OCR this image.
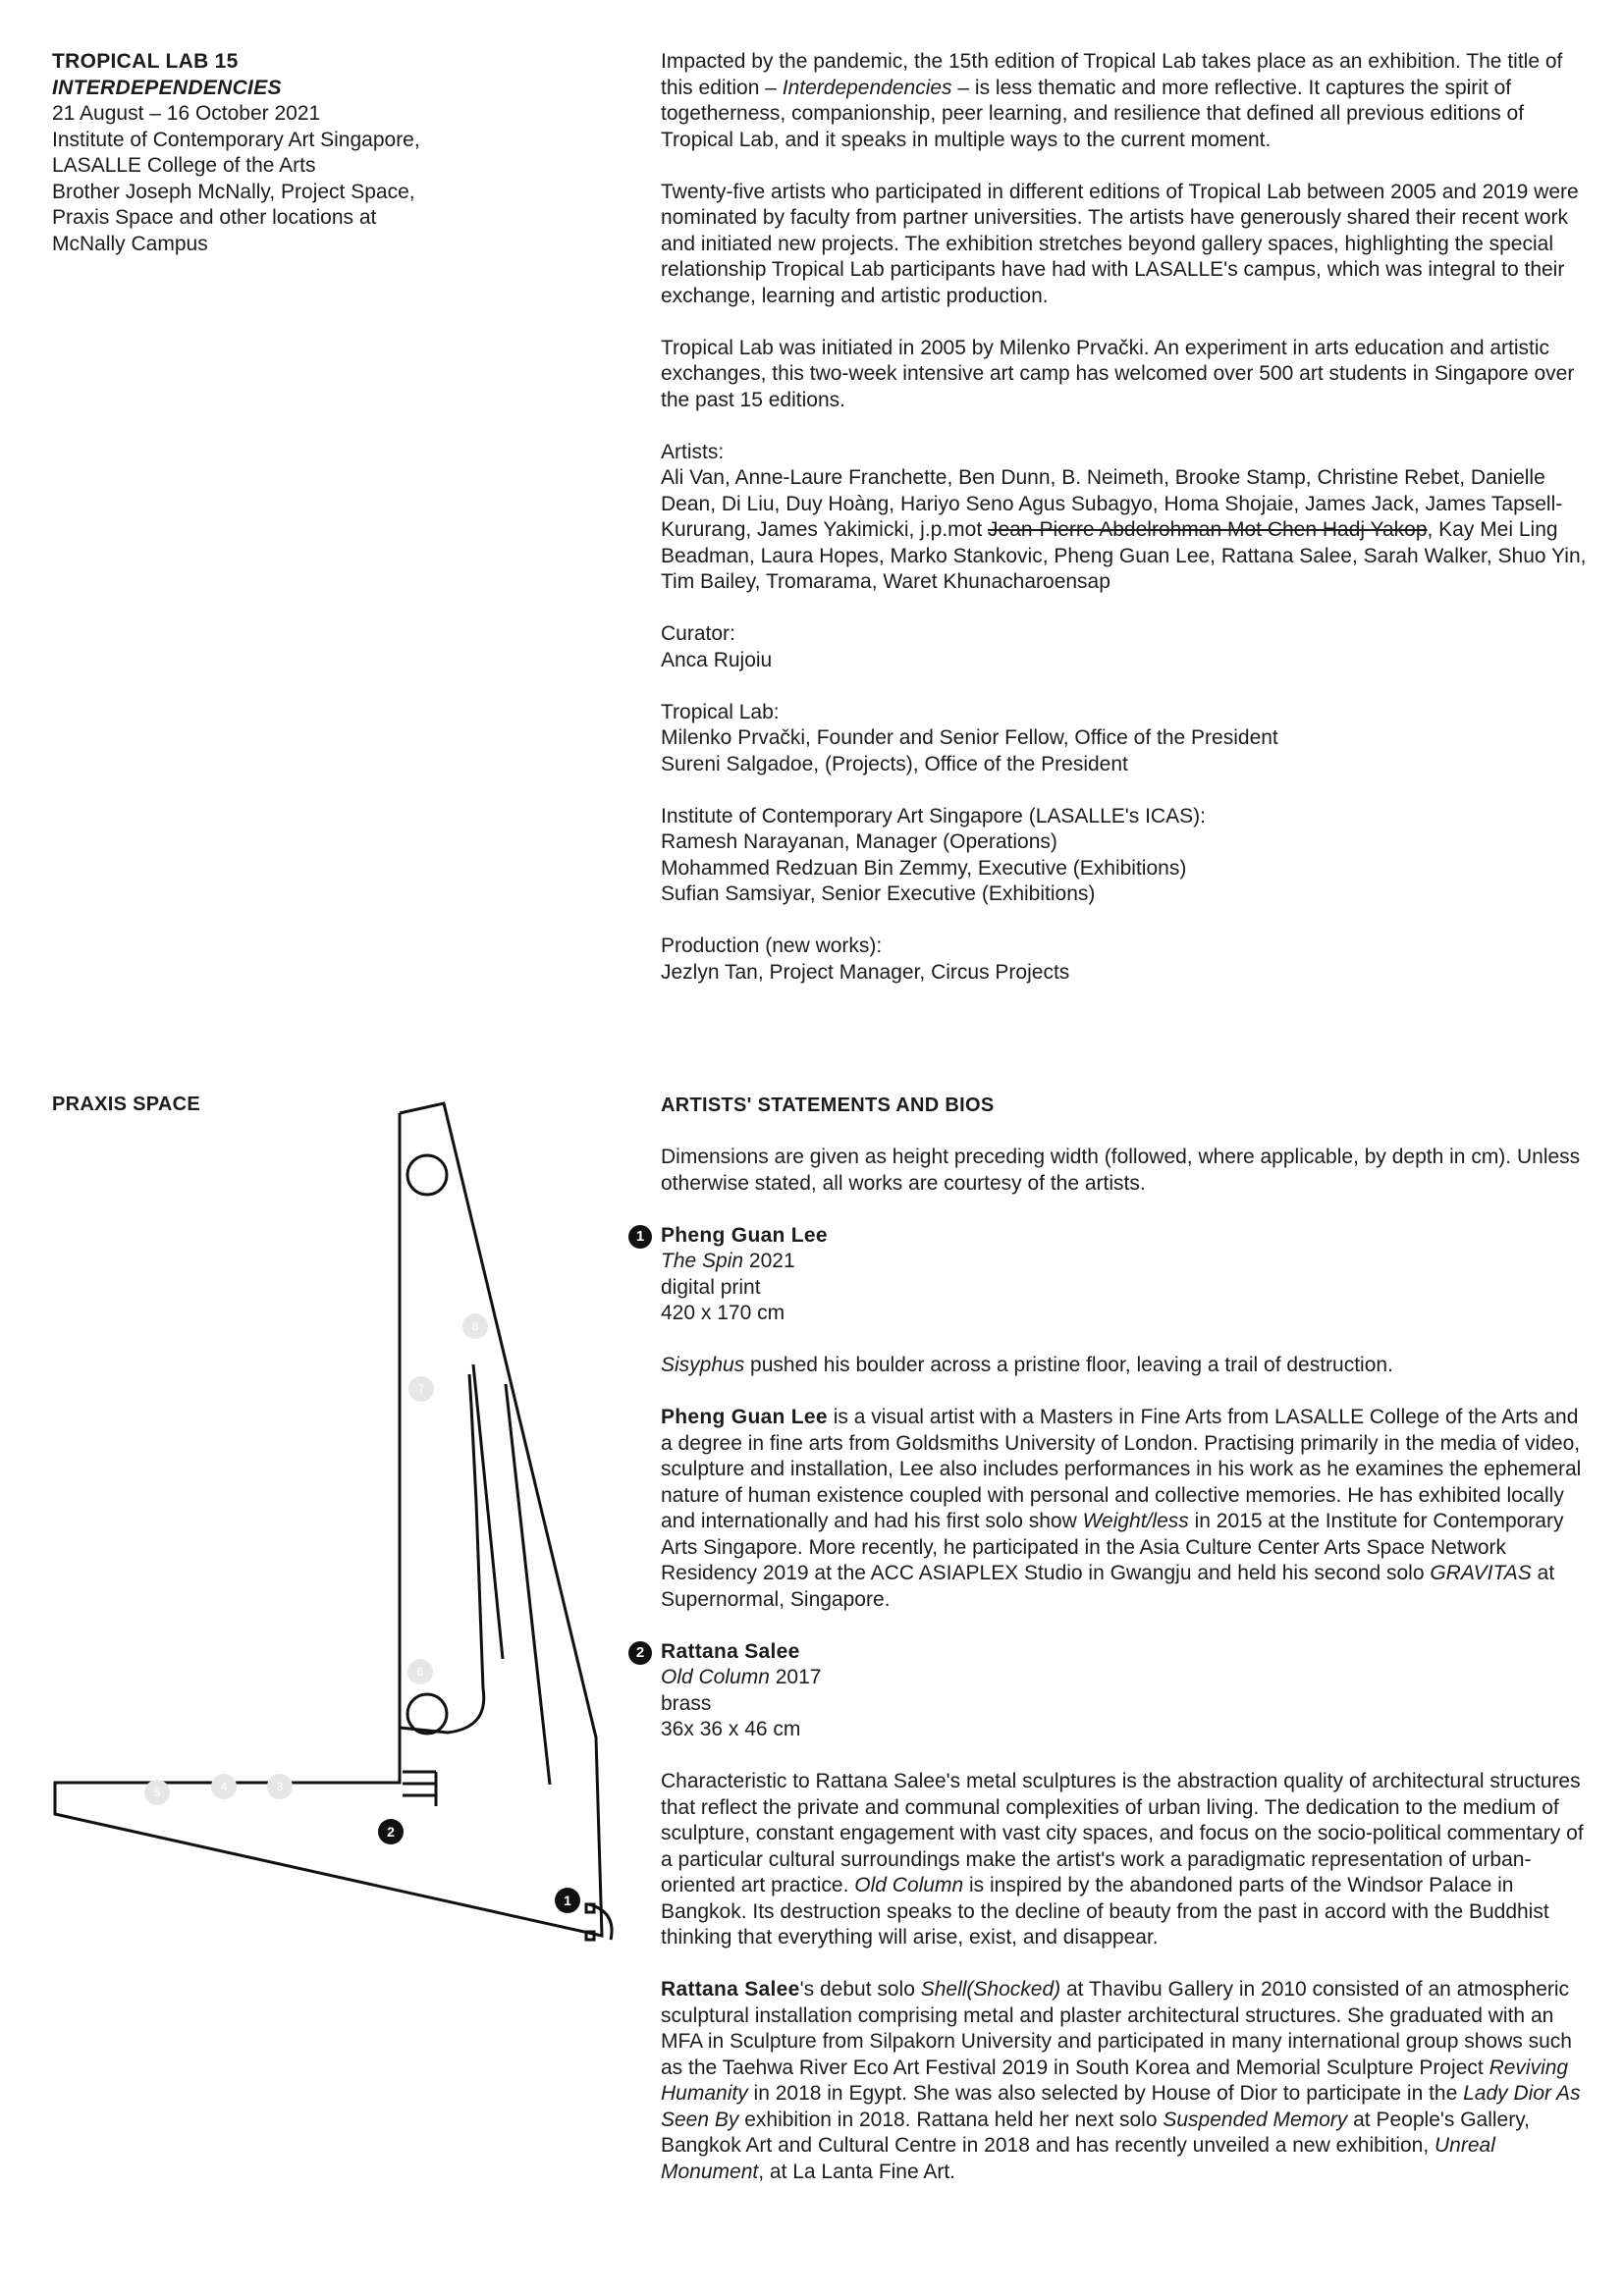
TROPICAL LAB 15

INTERDEPENDENCIES

21 August – 16 October 2021

Institute of Contemporary Art Singapore,

LASALLE College of the Arts

Brother Joseph McNally, Project Space,

Praxis Space and other locations at

McNally Campus

Impacted by the pandemic, the 15th edition of Tropical Lab takes place as an exhibition. The title of this edition – Interdependencies – is less thematic and more reflective. It captures the spirit of togetherness, companionship, peer learning, and resilience that defined all previous editions of Tropical Lab, and it speaks in multiple ways to the current moment.

Twenty-five artists who participated in different editions of Tropical Lab between 2005 and 2019 were nominated by faculty from partner universities. The artists have generously shared their recent work and initiated new projects. The exhibition stretches beyond gallery spaces, highlighting the special relationship Tropical Lab participants have had with LASALLE's campus, which was integral to their exchange, learning and artistic production.

Tropical Lab was initiated in 2005 by Milenko Prvački. An experiment in arts education and artistic exchanges, this two-week intensive art camp has welcomed over 500 art students in Singapore over the past 15 editions.

Artists:

Ali Van, Anne-Laure Franchette, Ben Dunn, B. Neimeth, Brooke Stamp, Christine Rebet, Danielle Dean, Di Liu, Duy Hoàng, Hariyo Seno Agus Subagyo, Homa Shojaie, James Jack, James Tapsell-Kururang, James Yakimicki, j.p.mot Jean-Pierre Abdelrohman Mot Chen Hadj Yakop, Kay Mei Ling Beadman, Laura Hopes, Marko Stankovic, Pheng Guan Lee, Rattana Salee, Sarah Walker, Shuo Yin, Tim Bailey, Tromarama, Waret Khunacharoensap

Curator:

Anca Rujoiu

Tropical Lab:

Milenko Prvački, Founder and Senior Fellow, Office of the President

Sureni Salgadoe, (Projects), Office of the President

Institute of Contemporary Art Singapore (LASALLE's ICAS):

Ramesh Narayanan, Manager (Operations)

Mohammed Redzuan Bin Zemmy, Executive (Exhibitions)

Sufian Samsiyar, Senior Executive (Exhibitions)

Production (new works):

Jezlyn Tan, Project Manager, Circus Projects

PRAXIS SPACE
8
7
6
5	4	3
2
1

ARTISTS' STATEMENTS AND BIOS

Dimensions are given as height preceding width (followed, where applicable, by depth in cm). Unless otherwise stated, all works are courtesy of the artists.

1 Pheng Guan Lee

The Spin 2021

digital print

420 x 170 cm

Sisyphus pushed his boulder across a pristine floor, leaving a trail of destruction.

Pheng Guan Lee is a visual artist with a Masters in Fine Arts from LASALLE College of the Arts and a degree in fine arts from Goldsmiths University of London. Practising primarily in the media of video, sculpture and installation, Lee also includes performances in his work as he examines the ephemeral nature of human existence coupled with personal and collective memories. He has exhibited locally and internationally and had his first solo show Weight/less in 2015 at the Institute for Contemporary Arts Singapore. More recently, he participated in the Asia Culture Center Arts Space Network Residency 2019 at the ACC ASIAPLEX Studio in Gwangju and held his second solo GRAVITAS at Supernormal, Singapore.

2 Rattana Salee

Old Column 2017

brass

36x 36 x 46 cm

Characteristic to Rattana Salee's metal sculptures is the abstraction quality of architectural structures that reflect the private and communal complexities of urban living. The dedication to the medium of sculpture, constant engagement with vast city spaces, and focus on the socio-political commentary of a particular cultural surroundings make the artist's work a paradigmatic representation of urban-oriented art practice. Old Column is inspired by the abandoned parts of the Windsor Palace in Bangkok. Its destruction speaks to the decline of beauty from the past in accord with the Buddhist thinking that everything will arise, exist, and disappear.

Rattana Salee's debut solo Shell(Shocked) at Thavibu Gallery in 2010 consisted of an atmospheric sculptural installation comprising metal and plaster architectural structures. She graduated with an MFA in Sculpture from Silpakorn University and participated in many international group shows such as the Taehwa River Eco Art Festival 2019 in South Korea and Memorial Sculpture Project Reviving Humanity in 2018 in Egypt. She was also selected by House of Dior to participate in the Lady Dior As Seen By exhibition in 2018. Rattana held her next solo Suspended Memory at People's Gallery, Bangkok Art and Cultural Centre in 2018 and has recently unveiled a new exhibition, Unreal Monument, at La Lanta Fine Art.
